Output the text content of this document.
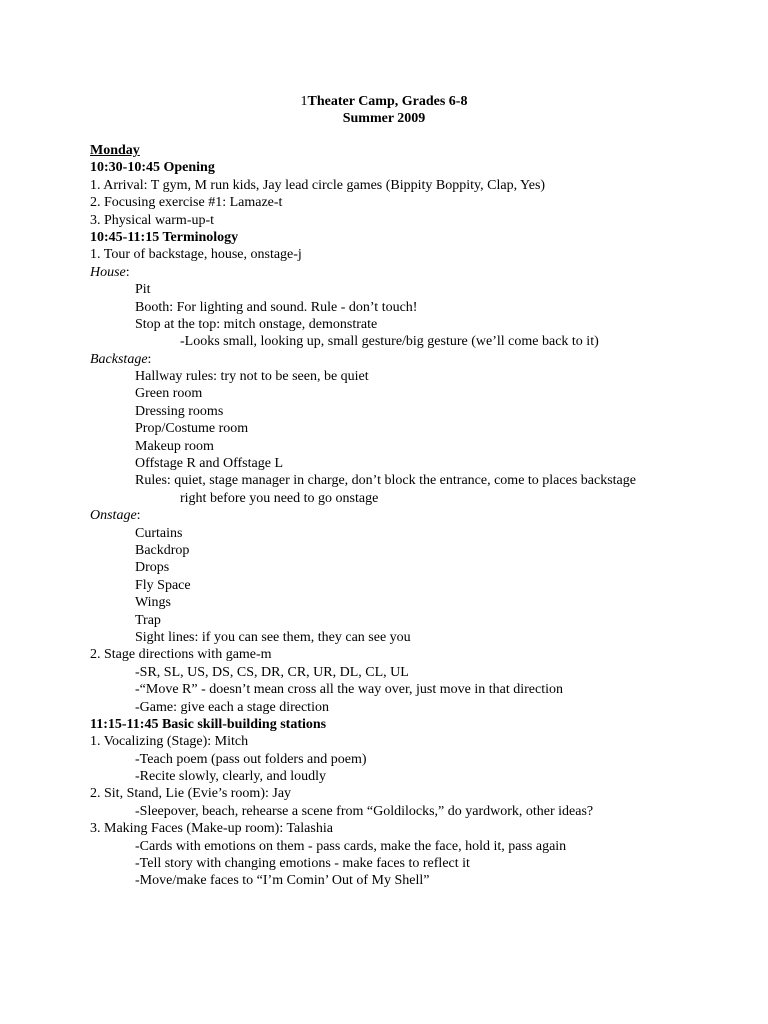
1Theater Camp, Grades 6-8
Summer 2009
Monday
10:30-10:45 Opening
1. Arrival: T gym, M run kids, Jay lead circle games (Bippity Boppity, Clap, Yes)
2. Focusing exercise #1: Lamaze-t
3. Physical warm-up-t
10:45-11:15 Terminology
1. Tour of backstage, house, onstage-j
House:
Pit
Booth: For lighting and sound. Rule - don’t touch!
Stop at the top: mitch onstage, demonstrate
-Looks small, looking up, small gesture/big gesture (we’ll come back to it)
Backstage:
Hallway rules: try not to be seen, be quiet
Green room
Dressing rooms
Prop/Costume room
Makeup room
Offstage R and Offstage L
Rules: quiet, stage manager in charge, don’t block the entrance, come to places backstage
right before you need to go onstage
Onstage:
Curtains
Backdrop
Drops
Fly Space
Wings
Trap
Sight lines: if you can see them, they can see you
2. Stage directions with game-m
-SR, SL, US, DS, CS, DR, CR, UR, DL, CL, UL
-“Move R” - doesn’t mean cross all the way over, just move in that direction
-Game: give each a stage direction
11:15-11:45 Basic skill-building stations
1. Vocalizing (Stage): Mitch
-Teach poem (pass out folders and poem)
-Recite slowly, clearly, and loudly
2. Sit, Stand, Lie (Evie’s room): Jay
-Sleepover, beach, rehearse a scene from “Goldilocks,” do yardwork, other ideas?
3. Making Faces (Make-up room): Talashia
-Cards with emotions on them - pass cards, make the face, hold it, pass again
-Tell story with changing emotions - make faces to reflect it
-Move/make faces to “I’m Comin’ Out of My Shell”
